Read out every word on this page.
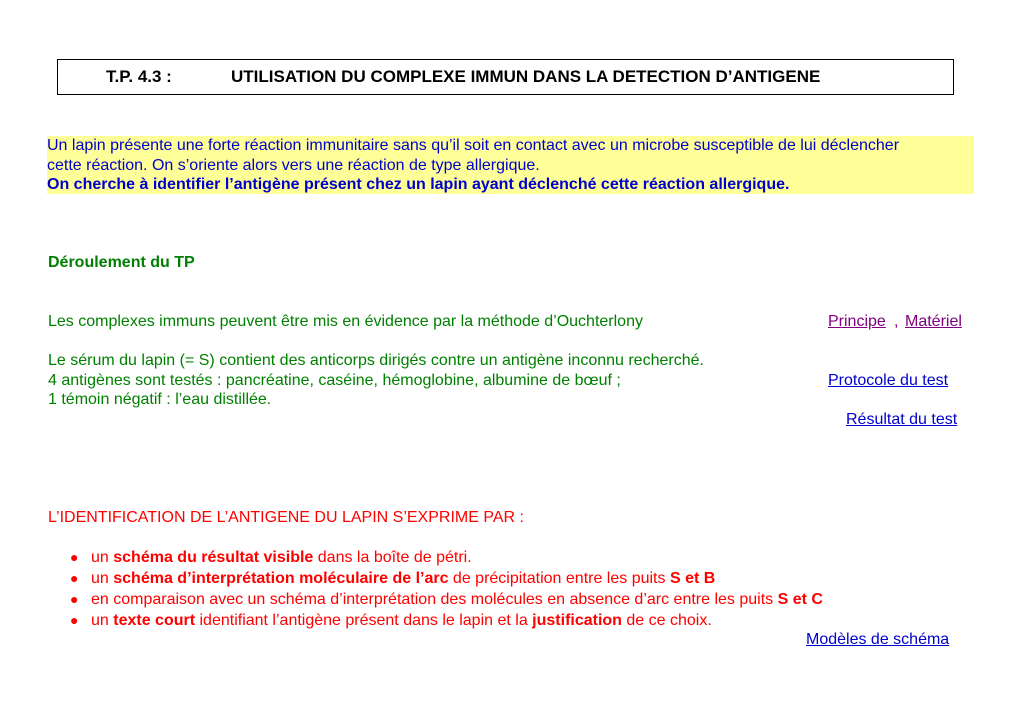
T.P. 4.3 :	UTILISATION DU COMPLEXE IMMUN DANS LA DETECTION D’ANTIGENE
Un lapin présente une forte réaction immunitaire sans qu’il soit en contact avec un microbe susceptible de lui déclencher
cette réaction. On s’oriente alors vers une réaction de type allergique.
On cherche à identifier l’antigène présent chez un lapin ayant déclenché cette réaction allergique.
Déroulement du TP
Les complexes immuns peuvent être mis en évidence par la méthode d’Ouchterlony	Principe , Matériel
Le sérum du lapin (= S) contient des anticorps dirigés contre un antigène inconnu recherché.
4 antigènes sont testés : pancréatine, caséine, hémoglobine, albumine de bœuf ;	Protocole du test
1 témoin négatif : l’eau distillée.
Résultat du test
L’IDENTIFICATION DE L’ANTIGENE DU LAPIN S’EXPRIME PAR :
● un schéma du résultat visible dans la boîte de pétri.
● un schéma d’interprétation moléculaire de l’arc de précipitation entre les puits S et B
● en comparaison avec un schéma d’interprétation des molécules en absence d’arc entre les puits S et C
● un texte court identifiant l’antigène présent dans le lapin et la justification de ce choix.
Modèles de schéma
